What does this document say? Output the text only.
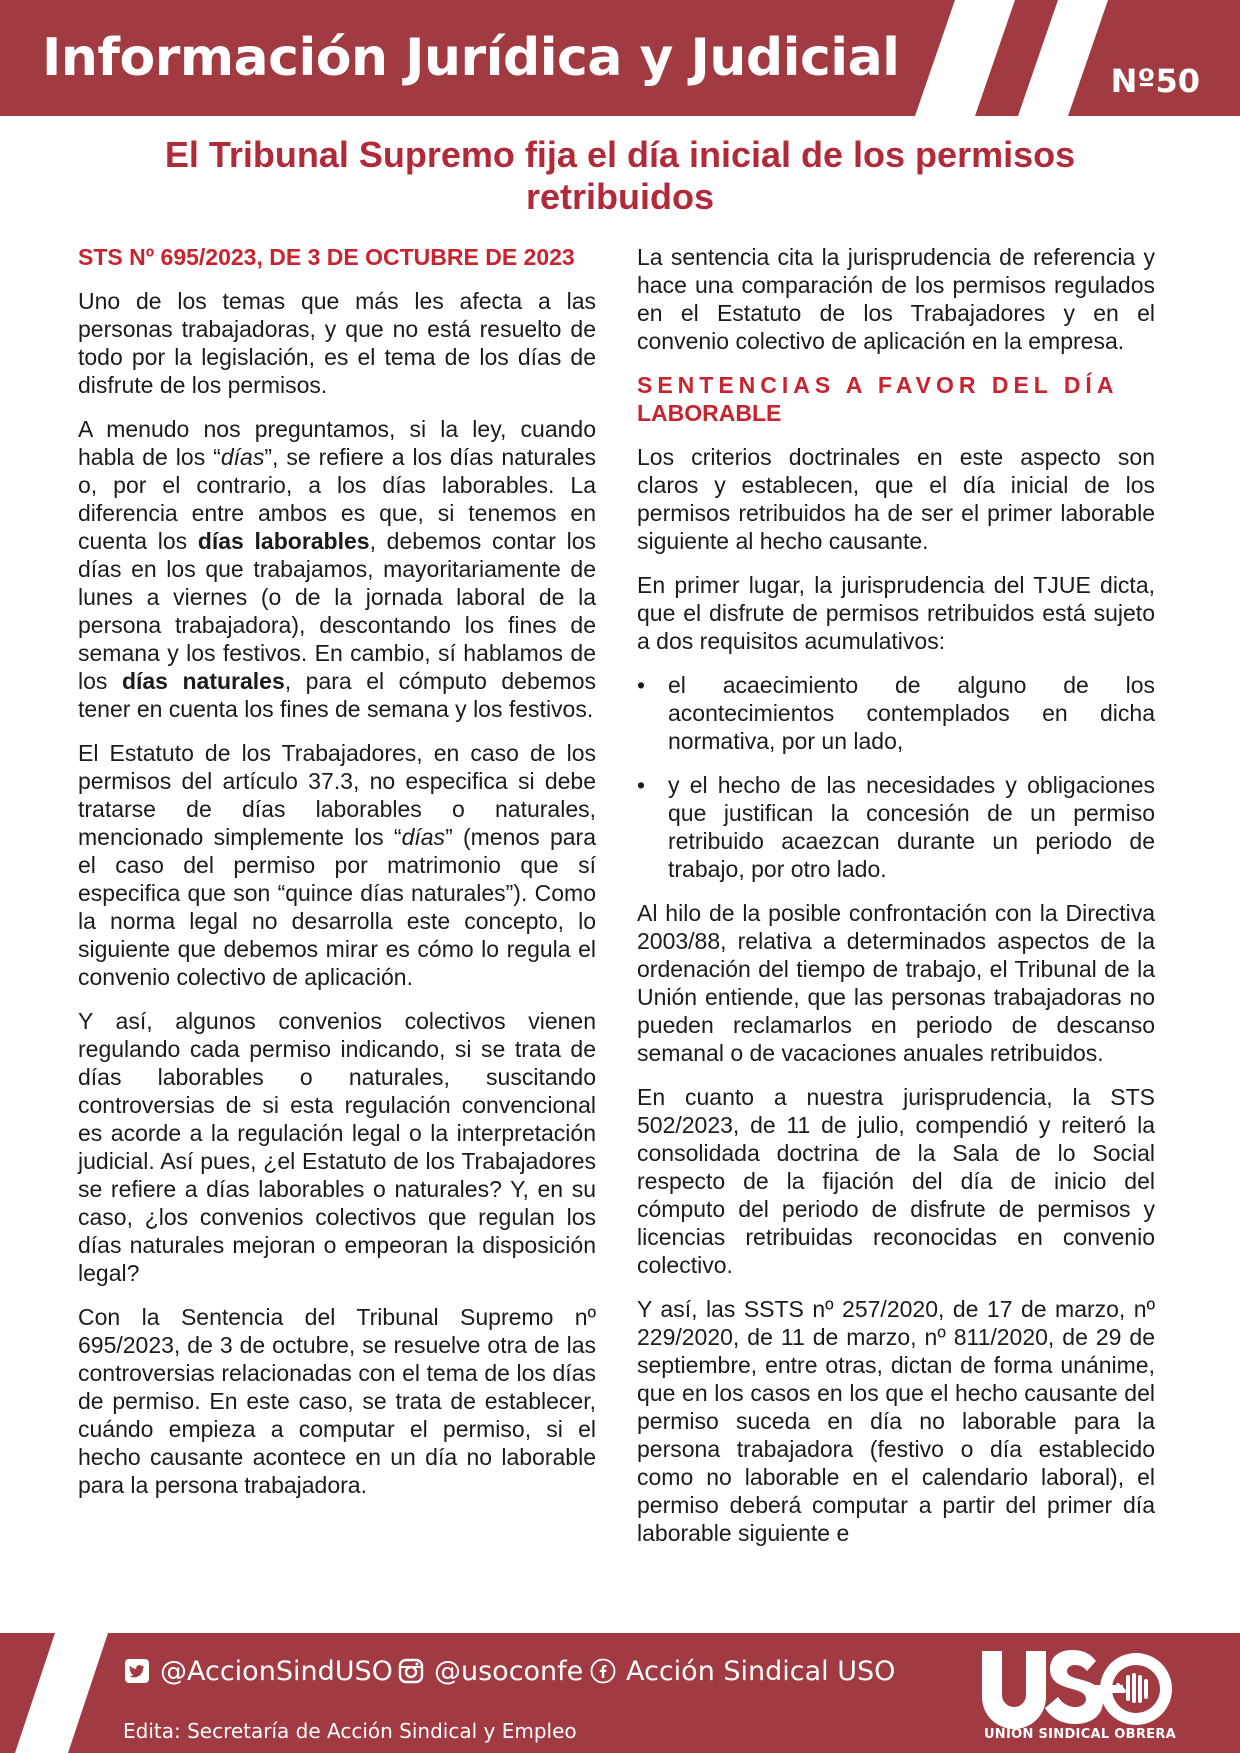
Información Jurídica y Judicial	Nº50
El Tribunal Supremo fija el día inicial de los permisos retribuidos
STS Nº 695/2023, DE 3 DE OCTUBRE DE 2023

Uno de los temas que más les afecta a las personas trabajadoras, y que no está resuelto de todo por la legislación, es el tema de los días de disfrute de los permisos.

A menudo nos preguntamos, si la ley, cuando habla de los “días”, se refiere a los días naturales o, por el contrario, a los días laborables. La diferencia entre ambos es que, si tenemos en cuenta los días laborables, debemos contar los días en los que trabajamos, mayoritariamente de lunes a viernes (o de la jornada laboral de la persona trabajadora), descontando los fines de semana y los festivos. En cambio, sí hablamos de los días naturales, para el cómputo debemos tener en cuenta los fines de semana y los festivos.

El Estatuto de los Trabajadores, en caso de los permisos del artículo 37.3, no especifica si debe tratarse de días laborables o naturales, mencionado simplemente los “días” (menos para el caso del permiso por matrimonio que sí especifica que son “quince días naturales”). Como la norma legal no desarrolla este concepto, lo siguiente que debemos mirar es cómo lo regula el convenio colectivo de aplicación.

Y así, algunos convenios colectivos vienen regulando cada permiso indicando, si se trata de días laborables o naturales, suscitando controversias de si esta regulación convencional es acorde a la regulación legal o la interpretación judicial. Así pues, ¿el Estatuto de los Trabajadores se refiere a días laborables o naturales? Y, en su caso, ¿los convenios colectivos que regulan los días naturales mejoran o empeoran la disposición legal?

Con la Sentencia del Tribunal Supremo nº 695/2023, de 3 de octubre, se resuelve otra de las controversias relacionadas con el tema de los días de permiso. En este caso, se trata de establecer, cuándo empieza a computar el permiso, si el hecho causante acontece en un día no laborable para la persona trabajadora.

La sentencia cita la jurisprudencia de referencia y hace una comparación de los permisos regulados en el Estatuto de los Trabajadores y en el convenio colectivo de aplicación en la empresa.

SENTENCIAS A FAVOR DEL DÍA
LABORABLE

Los criterios doctrinales en este aspecto son claros y establecen, que el día inicial de los permisos retribuidos ha de ser el primer laborable siguiente al hecho causante.

En primer lugar, la jurisprudencia del TJUE dicta, que el disfrute de permisos retribuidos está sujeto a dos requisitos acumulativos:

• el acaecimiento de alguno de los acontecimientos contemplados en dicha normativa, por un lado,
• y el hecho de las necesidades y obligaciones que justifican la concesión de un permiso retribuido acaezcan durante un periodo de trabajo, por otro lado.

Al hilo de la posible confrontación con la Directiva 2003/88, relativa a determinados aspectos de la ordenación del tiempo de trabajo, el Tribunal de la Unión entiende, que las personas trabajadoras no pueden reclamarlos en periodo de descanso semanal o de vacaciones anuales retribuidos.

En cuanto a nuestra jurisprudencia, la STS 502/2023, de 11 de julio, compendió y reiteró la consolidada doctrina de la Sala de lo Social respecto de la fijación del día de inicio del cómputo del periodo de disfrute de permisos y licencias retribuidas reconocidas en convenio colectivo.

Y así, las SSTS nº 257/2020, de 17 de marzo, nº 229/2020, de 11 de marzo, nº 811/2020, de 29 de septiembre, entre otras, dictan de forma unánime, que en los casos en los que el hecho causante del permiso suceda en día no laborable para la persona trabajadora (festivo o día establecido como no laborable en el calendario laboral), el permiso deberá computar a partir del primer día laborable siguiente e

@AccionSindUSO @usoconfe Acción Sindical USO
Edita: Secretaría de Acción Sindical y Empleo	UNIÓN SINDICAL OBRERA
